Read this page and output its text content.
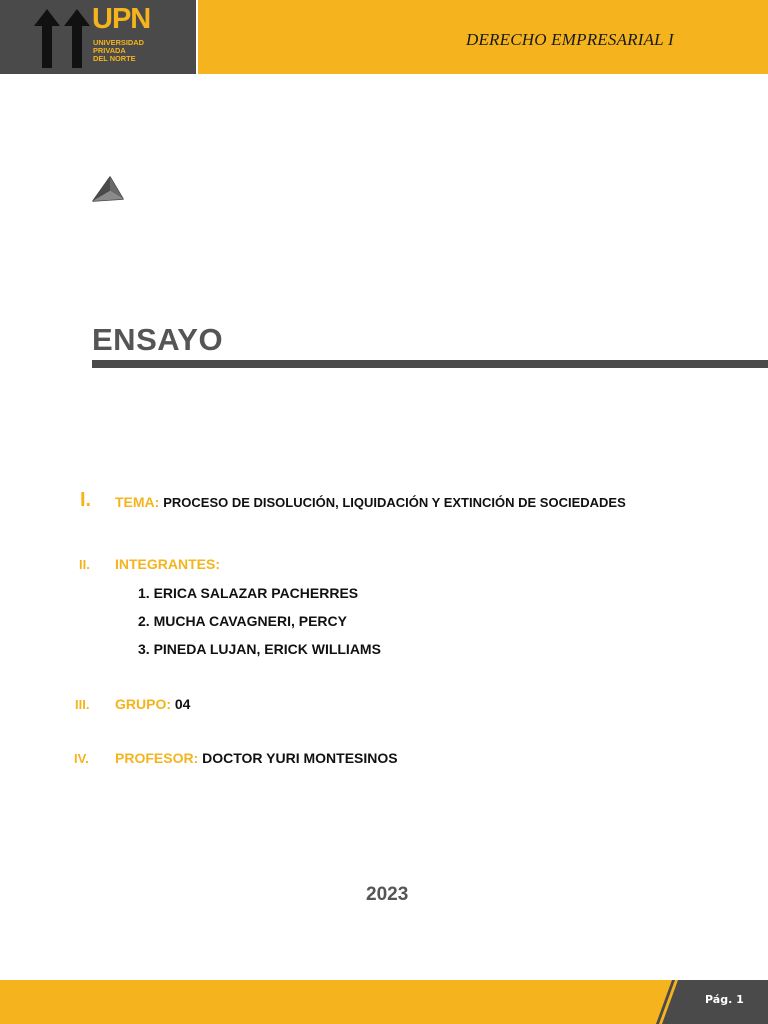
UPN
UNIVERSIDAD
PRIVADA
DEL NORTE
DERECHO EMPRESARIAL I
ENSAYO
I. TEMA: PROCESO DE DISOLUCIÓN, LIQUIDACIÓN Y EXTINCIÓN DE SOCIEDADES
II. INTEGRANTES:
1. ERICA SALAZAR PACHERRES
2. MUCHA CAVAGNERI, PERCY
3. PINEDA LUJAN, ERICK WILLIAMS
III. GRUPO: 04
IV. PROFESOR: DOCTOR YURI MONTESINOS
2023
Pág. 1
